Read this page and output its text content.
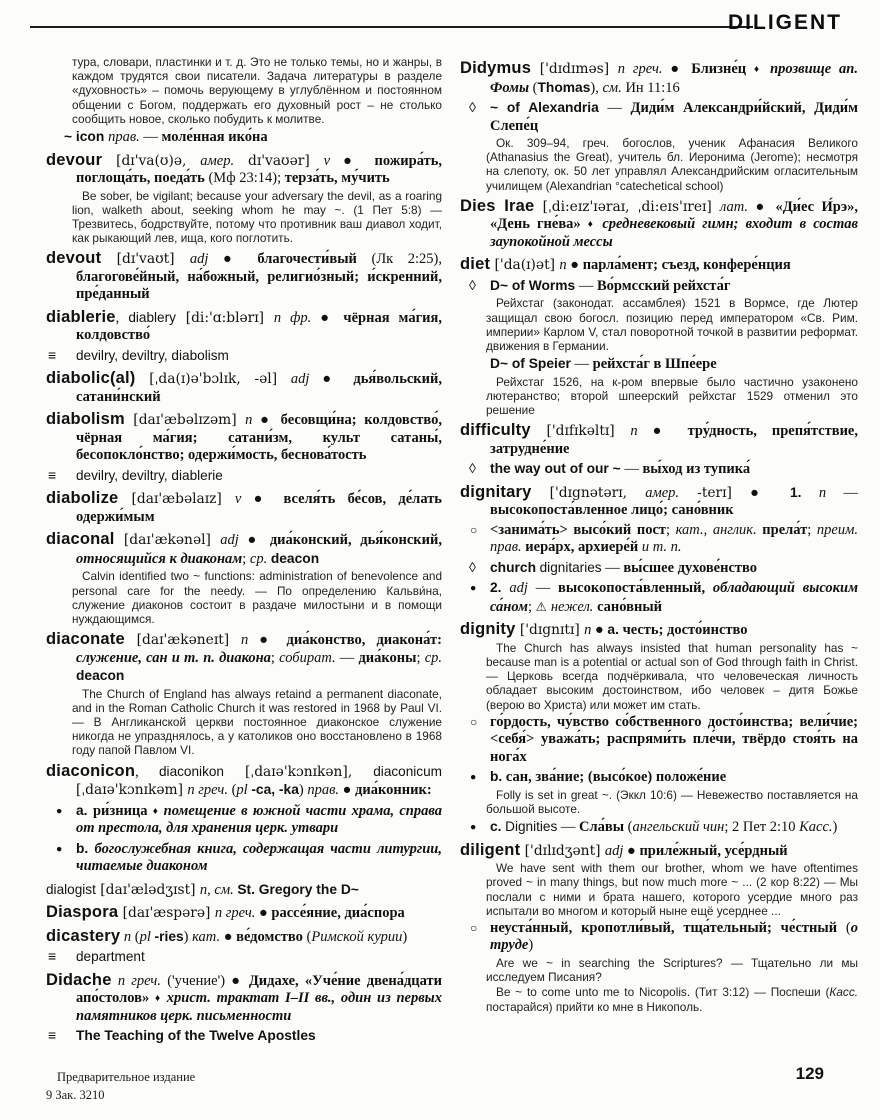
DILIGENT
тура, словари, пластинки и т. д. Это не только темы, но и жанры, в каждом трудятся свои писатели. Задача литературы в разделе «духовность» – помочь верующему в углублённом и постоянном общении с Богом, поддержать его духовный рост – не столько сообщить новое, сколько побудить к молитве.
~ icon прав. — моле́нная ико́на
devour [dɪ'va(ʊ)ə, амер. dɪ'vaʊər] v ● пожира́ть, поглоща́ть, поеда́ть (Мф 23:14); терза́ть, му́чить
Be sober, be vigilant; because your adversary the devil, as a roaring lion, walketh about, seeking whom he may ~. (1 Пет 5:8) — Трезвитесь, бодрствуйте, потому что противник ваш диавол ходит, как рыкающий лев, ища, кого поглотить.
devout [dɪ'vaʊt] adj ● благочести́вый (Лк 2:25), благогове́йный, на́божный, религио́зный; и́скренний, пре́данный
diablerie, diablery [di:'ɑ:blərɪ] n фр. ● чёрная ма́гия, колдовство́
≡ devilry, deviltry, diabolism
diabolic(al) [ˌda(ɪ)ə'bɔlɪk, -əl] adj ● дья́вольский, сатани́нский
diabolism [daɪ'æbəlɪzəm] n ● бесовщи́на; колдовство́, чёрная ма́гия; сатани́зм, культ сатаны́, бесопокло́нство; одержи́мость, беснова́тость
≡ devilry, deviltry, diablerie
diabolize [daɪ'æbəlaɪz] v ● вселя́ть бе́сов, де́лать одержи́мым
diaconal [daɪ'ækənəl] adj ● диа́конский, дья́конский, относящийся к диаконам; ср. deacon
Calvin identified two ~ functions: administration of benevolence and personal care for the needy. — По определению Кальви́на, служение диаконов состоит в раздаче милостыни и в помощи нуждающимся.
diaconate [daɪ'ækəneɪt] n ● диа́конство, диакона́т: служение, сан и т. п. диакона; собират. — диа́коны; ср. deacon
The Church of England has always retaind a permanent diaconate, and in the Roman Catholic Church it was restored in 1968 by Paul VI. — В Англиканской церкви постоянное диаконское служение никогда не упразднялось, а у католиков оно восстановлено в 1968 году папой Павлом VI.
diaconicon, diaconikon [ˌdaɪə'kɔnɪkən], diaconicum [ˌdaɪə'kɔnɪkəm] n греч. (pl -ca, -ka) прав. ● диа́конник:
● a. ри́зница ♦ помещение в южной части храма, справа от престола, для хранения церк. утвари
● b. богослужебная книга, содержащая части литургии, читаемые диаконом
dialogist [daɪ'ælədʒɪst] n, см. St. Gregory the D~
Diaspora [daɪ'æspərə] n греч. ● рассе́яние, диа́спора
dicastery n (pl -ries) кат. ● ве́домство (Римской курии)
≡ department
Didache n греч. ('учение') ● Дидахе, «Уче́ние двена́дцати апо́столов» ♦ христ. трактат I–II вв., один из первых памятников церк. письменности
≡ The Teaching of the Twelve Apostles
Didymus ['dɪdɪməs] n греч. ● Близне́ц ♦ прозвище ап. Фомы (Thomas), см. Ин 11:16
◊ ~ of Alexandria — Диди́м Александри́йский, Диди́м Слепе́ц
Ок. 309–94, греч. богослов, ученик Афанасия Великого (Athanasius the Great), учитель бл. Иеронима (Jerome); несмотря на слепоту, ок. 50 лет управлял Александрийским огласительным училищем (Alexandrian °catechetical school)
Dies Irae [ˌdi:eɪz'ɪəraɪ, ˌdi:eɪs'ɪreɪ] лат. ● «Ди́ес И́рэ», «День гне́ва» ♦ средневековый гимн; входит в состав заупокойной мессы
diet ['da(ɪ)ət] n ● парла́мент; съезд, конфере́нция
◊ D~ of Worms — Во́рмсский рейхста́г
Рейхстаг (законодат. ассамблея) 1521 в Вормсе, где Лютер защищал свою богосл. позицию перед императором «Св. Рим. империи» Карлом V, стал поворотной точкой в развитии реформат. движения в Германии.
D~ of Speier — рейхста́г в Шпе́ере
Рейхстаг 1526, на к-ром впервые было частично узаконено лютеранство; второй шпеерский рейхстаг 1529 отменил это решение
difficulty ['dɪfɪkəltɪ] n ● тру́дность, препя́тствие, затрудне́ние
◊ the way out of our ~ — вы́ход из тупика́
dignitary ['dɪgnətərɪ, амер. -terɪ] ● 1. n — высокопоста́вленное лицо́; сано́вник
○ <занима́ть> высо́кий пост; кат., англик. прела́т; преим. прав. иера́рх, архиере́й и т. п.
◊ church dignitaries — вы́сшее духове́нство
● 2. adj — высокопоста́вленный, обладающий высоким са́ном; ⚠ нежел. сано́вный
dignity ['dɪgnɪtɪ] n ● a. честь; досто́инство
The Church has always insisted that human personality has ~ because man is a potential or actual son of God through faith in Christ. — Церковь всегда подчёркивала, что человеческая личность обладает высоким достоинством, ибо человек – дитя Божье (верою во Христа) или может им стать.
○ го́рдость, чу́вство со́бственного досто́инства; вели́чие; <себя́> уважа́ть; распрями́ть пле́чи, твёрдо стоя́ть на нога́х
● b. сан, зва́ние; (высо́кое) положе́ние
Folly is set in great ~. (Эккл 10:6) — Невежество поставляется на большой высоте.
● c. Dignities — Сла́вы (ангельский чин; 2 Пет 2:10 Касс.)
diligent ['dɪlɪdʒənt] adj ● приле́жный, усе́рдный
We have sent with them our brother, whom we have oftentimes proved ~ in many things, but now much more ~ ... (2 кор 8:22) — Мы послали с ними и брата нашего, которого усердие много раз испытали во многом и который ныне ещё усерднее ...
○ неуста́нный, кропотли́вый, тща́тельный; че́стный (о труде)
Are we ~ in searching the Scriptures? — Тщательно ли мы исследуем Писания?
Be ~ to come unto me to Nicopolis. (Тит 3:12) — Поспеши (Касс. постарайся) прийти ко мне в Никополь.
Предварительное издание
9 Зак. 3210
129
